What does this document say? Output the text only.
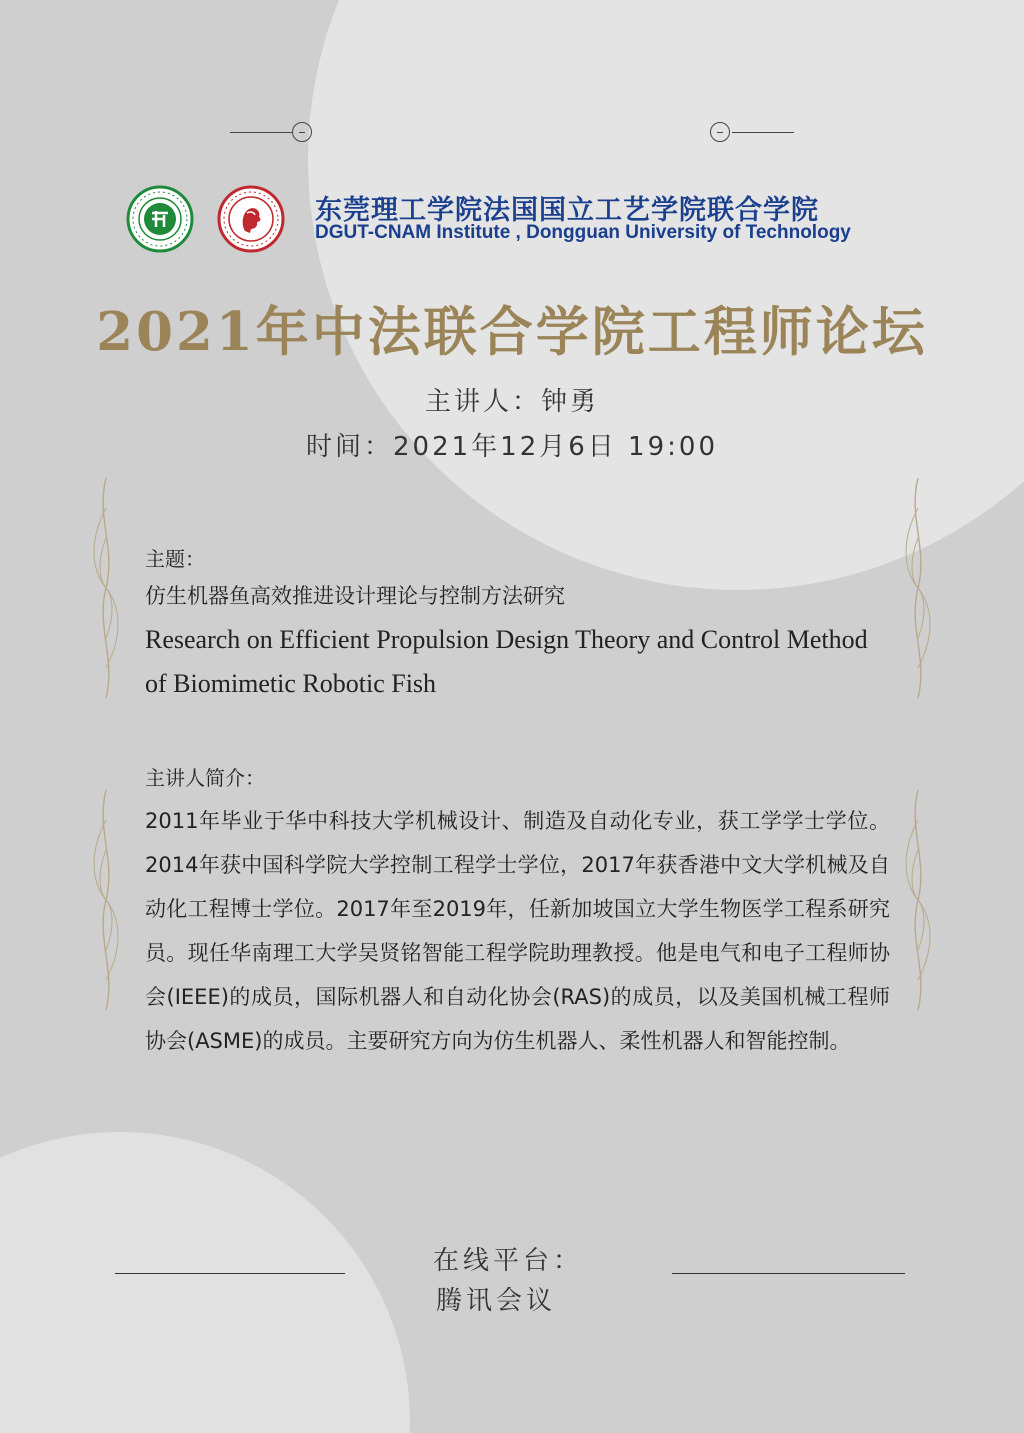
东莞理工学院法国国立工艺学院联合学院
DGUT-CNAM Institute , Dongguan University of Technology
2021年中法联合学院工程师论坛
主讲人：钟勇
时间：2021年12月6日 19:00
主题：
仿生机器鱼高效推进设计理论与控制方法研究
Research on Efficient Propulsion Design Theory and Control Method of Biomimetic Robotic Fish
主讲人简介：
2011年毕业于华中科技大学机械设计、制造及自动化专业，获工学学士学位。2014年获中国科学院大学控制工程学士学位，2017年获香港中文大学机械及自动化工程博士学位。2017年至2019年，任新加坡国立大学生物医学工程系研究员。现任华南理工大学吴贤铭智能工程学院助理教授。他是电气和电子工程师协会(IEEE)的成员，国际机器人和自动化协会(RAS)的成员，以及美国机械工程师协会(ASME)的成员。主要研究方向为仿生机器人、柔性机器人和智能控制。
在线平台：
腾讯会议
